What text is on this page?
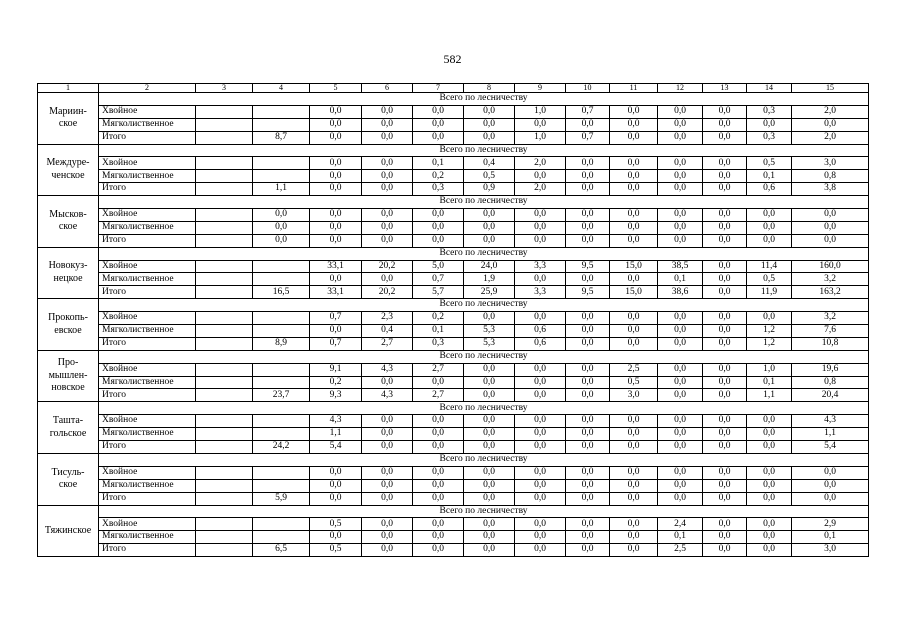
582
1	2	3	4	5	6	7	8	9	10	11	12	13	14	15
Мариин-
ское	Всего по лесничеству													
	Хвойное			0,0	0,0	0,0	0,0	1,0	0,7	0,0	0,0	0,0	0,3	2,0
	Мягколиственное			0,0	0,0	0,0	0,0	0,0	0,0	0,0	0,0	0,0	0,0	0,0
	Итого		8,7	0,0	0,0	0,0	0,0	1,0	0,7	0,0	0,0	0,0	0,3	2,0
Междуре-
ченское	Всего по лесничеству													
	Хвойное			0,0	0,0	0,1	0,4	2,0	0,0	0,0	0,0	0,0	0,5	3,0
	Мягколиственное			0,0	0,0	0,2	0,5	0,0	0,0	0,0	0,0	0,0	0,1	0,8
	Итого		1,1	0,0	0,0	0,3	0,9	2,0	0,0	0,0	0,0	0,0	0,6	3,8
Мысков-
ское	Всего по лесничеству													
	Хвойное		0,0	0,0	0,0	0,0	0,0	0,0	0,0	0,0	0,0	0,0	0,0	0,0
	Мягколиственное		0,0	0,0	0,0	0,0	0,0	0,0	0,0	0,0	0,0	0,0	0,0	0,0
	Итого		0,0	0,0	0,0	0,0	0,0	0,0	0,0	0,0	0,0	0,0	0,0	0,0
Новокуз-
нецкое	Всего по лесничеству													
	Хвойное			33,1	20,2	5,0	24,0	3,3	9,5	15,0	38,5	0,0	11,4	160,0
	Мягколиственное			0,0	0,0	0,7	1,9	0,0	0,0	0,0	0,1	0,0	0,5	3,2
	Итого		16,5	33,1	20,2	5,7	25,9	3,3	9,5	15,0	38,6	0,0	11,9	163,2
Прокопь-
евское	Всего по лесничеству													
	Хвойное			0,7	2,3	0,2	0,0	0,0	0,0	0,0	0,0	0,0	0,0	3,2
	Мягколиственное			0,0	0,4	0,1	5,3	0,6	0,0	0,0	0,0	0,0	1,2	7,6
	Итого		8,9	0,7	2,7	0,3	5,3	0,6	0,0	0,0	0,0	0,0	1,2	10,8
Про-
мышлен-
новское	Всего по лесничеству													
	Хвойное			9,1	4,3	2,7	0,0	0,0	0,0	2,5	0,0	0,0	1,0	19,6
	Мягколиственное			0,2	0,0	0,0	0,0	0,0	0,0	0,5	0,0	0,0	0,1	0,8
	Итого		23,7	9,3	4,3	2,7	0,0	0,0	0,0	3,0	0,0	0,0	1,1	20,4
Ташта-
гольское	Всего по лесничеству													
	Хвойное			4,3	0,0	0,0	0,0	0,0	0,0	0,0	0,0	0,0	0,0	4,3
	Мягколиственное			1,1	0,0	0,0	0,0	0,0	0,0	0,0	0,0	0,0	0,0	1,1
	Итого		24,2	5,4	0,0	0,0	0,0	0,0	0,0	0,0	0,0	0,0	0,0	5,4
Тисуль-
ское	Всего по лесничеству													
	Хвойное			0,0	0,0	0,0	0,0	0,0	0,0	0,0	0,0	0,0	0,0	0,0
	Мягколиственное			0,0	0,0	0,0	0,0	0,0	0,0	0,0	0,0	0,0	0,0	0,0
	Итого		5,9	0,0	0,0	0,0	0,0	0,0	0,0	0,0	0,0	0,0	0,0	0,0
Тяжинское	Всего по лесничеству													
	Хвойное			0,5	0,0	0,0	0,0	0,0	0,0	0,0	2,4	0,0	0,0	2,9
	Мягколиственное			0,0	0,0	0,0	0,0	0,0	0,0	0,0	0,1	0,0	0,0	0,1
	Итого		6,5	0,5	0,0	0,0	0,0	0,0	0,0	0,0	2,5	0,0	0,0	3,0
